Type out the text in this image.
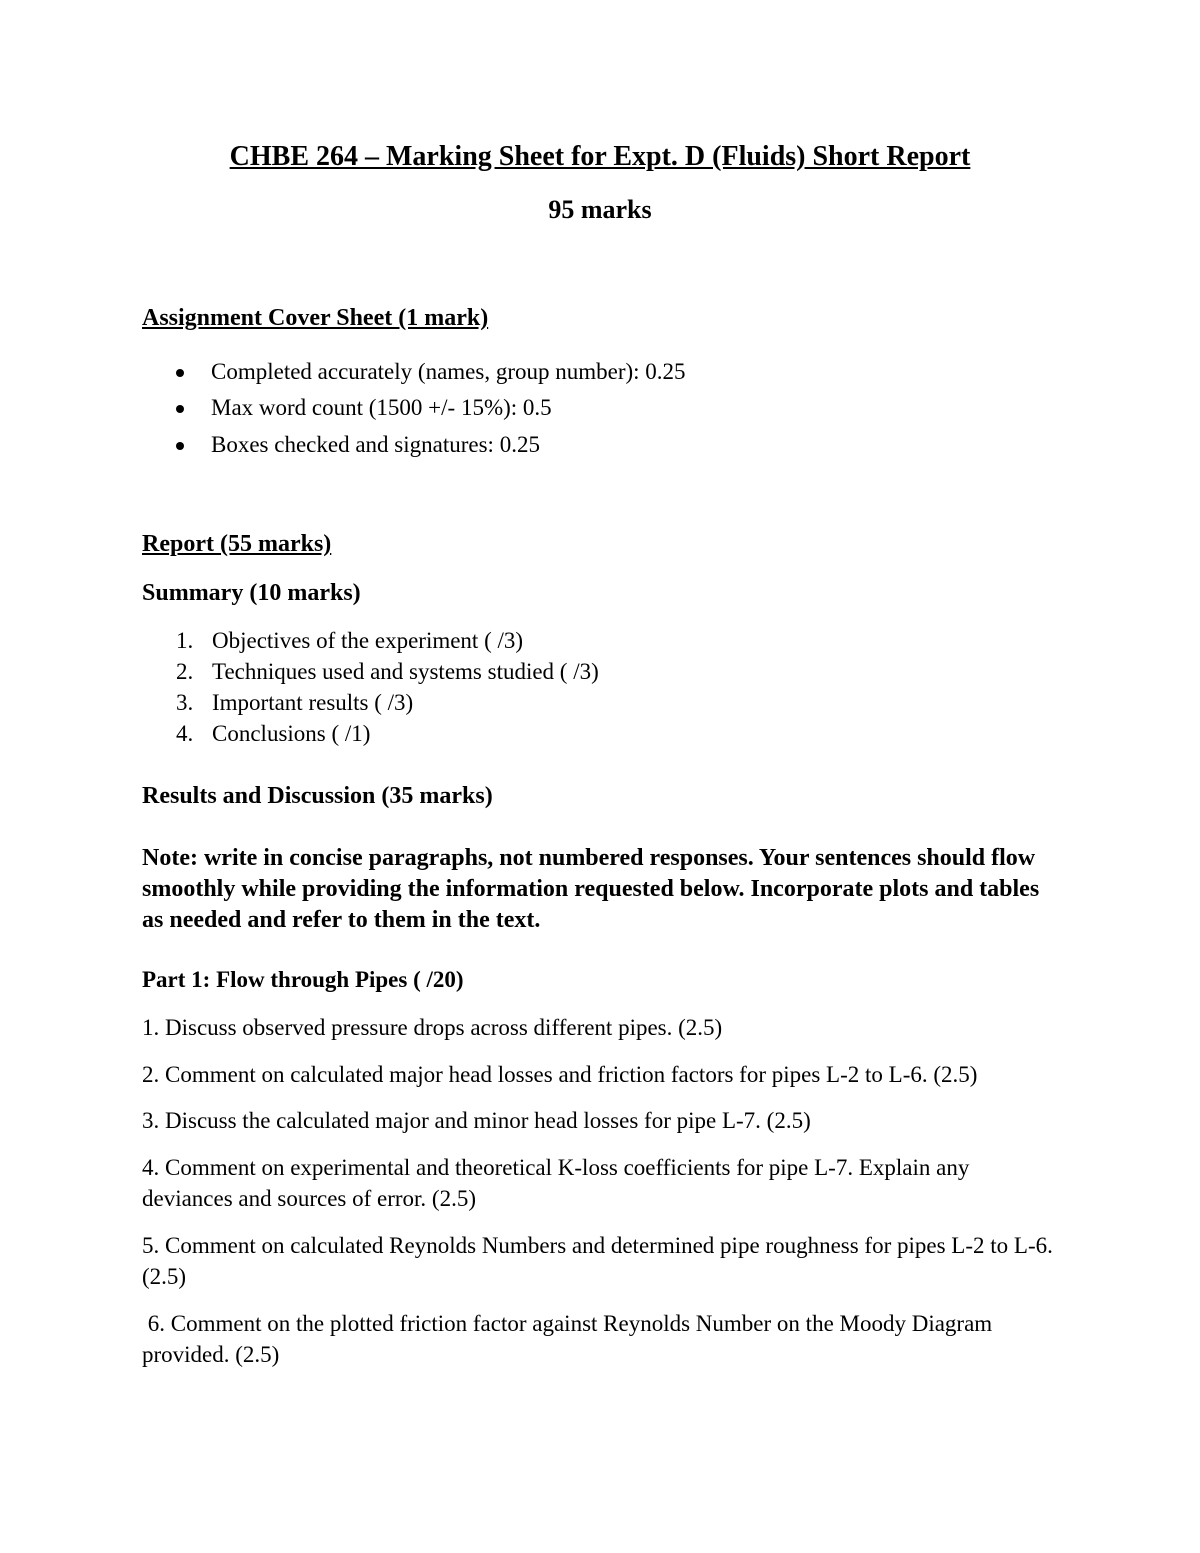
CHBE 264 – Marking Sheet for Expt. D (Fluids) Short Report
95 marks
Assignment Cover Sheet (1 mark)
Completed accurately (names, group number): 0.25
Max word count (1500 +/- 15%): 0.5
Boxes checked and signatures: 0.25
Report (55 marks)
Summary (10 marks)
1. Objectives of the experiment ( /3)
2. Techniques used and systems studied ( /3)
3. Important results ( /3)
4. Conclusions ( /1)
Results and Discussion (35 marks)
Note: write in concise paragraphs, not numbered responses. Your sentences should flow smoothly while providing the information requested below. Incorporate plots and tables as needed and refer to them in the text.
Part 1: Flow through Pipes ( /20)
1. Discuss observed pressure drops across different pipes. (2.5)
2. Comment on calculated major head losses and friction factors for pipes L-2 to L-6. (2.5)
3. Discuss the calculated major and minor head losses for pipe L-7. (2.5)
4. Comment on experimental and theoretical K-loss coefficients for pipe L-7. Explain any deviances and sources of error. (2.5)
5. Comment on calculated Reynolds Numbers and determined pipe roughness for pipes L-2 to L-6. (2.5)
6. Comment on the plotted friction factor against Reynolds Number on the Moody Diagram provided. (2.5)
